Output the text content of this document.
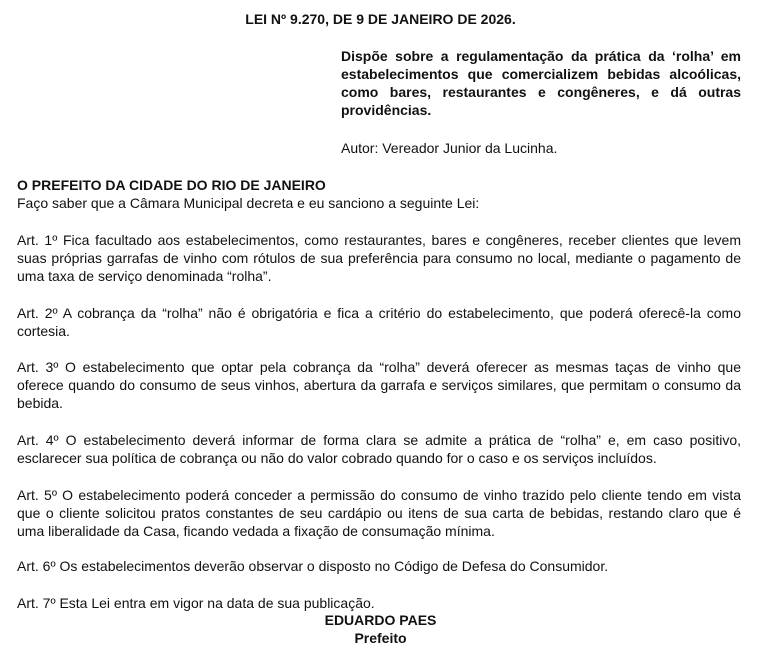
LEI Nº 9.270, DE 9 DE JANEIRO DE 2026.
Dispõe sobre a regulamentação da prática da ‘rolha’ em estabelecimentos que comercializem bebidas alcoólicas, como bares, restaurantes e congêneres, e dá outras providências.
Autor: Vereador Junior da Lucinha.
O PREFEITO DA CIDADE DO RIO DE JANEIRO
Faço saber que a Câmara Municipal decreta e eu sanciono a seguinte Lei:
Art. 1º Fica facultado aos estabelecimentos, como restaurantes, bares e congêneres, receber clientes que levem suas próprias garrafas de vinho com rótulos de sua preferência para consumo no local, mediante o pagamento de uma taxa de serviço denominada “rolha”.
Art. 2º A cobrança da “rolha” não é obrigatória e fica a critério do estabelecimento, que poderá oferecê-la como cortesia.
Art. 3º O estabelecimento que optar pela cobrança da “rolha” deverá oferecer as mesmas taças de vinho que oferece quando do consumo de seus vinhos, abertura da garrafa e serviços similares, que permitam o consumo da bebida.
Art. 4º O estabelecimento deverá informar de forma clara se admite a prática de “rolha” e, em caso positivo, esclarecer sua política de cobrança ou não do valor cobrado quando for o caso e os serviços incluídos.
Art. 5º O estabelecimento poderá conceder a permissão do consumo de vinho trazido pelo cliente tendo em vista que o cliente solicitou pratos constantes de seu cardápio ou itens de sua carta de bebidas, restando claro que é uma liberalidade da Casa, ficando vedada a fixação de consumação mínima.
Art. 6º Os estabelecimentos deverão observar o disposto no Código de Defesa do Consumidor.
Art. 7º Esta Lei entra em vigor na data de sua publicação.
EDUARDO PAES
Prefeito
